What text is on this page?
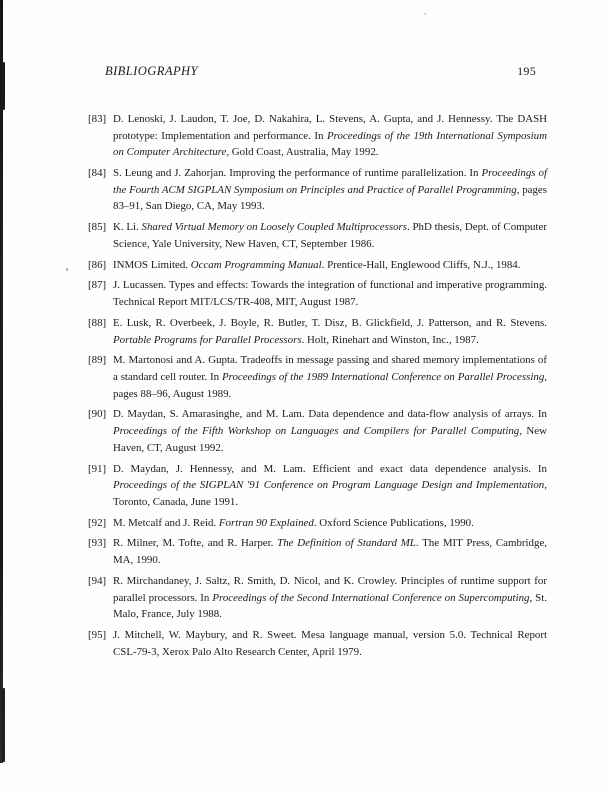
BIBLIOGRAPHY	195
[83] D. Lenoski, J. Laudon, T. Joe, D. Nakahira, L. Stevens, A. Gupta, and J. Hennessy. The DASH prototype: Implementation and performance. In Proceedings of the 19th International Symposium on Computer Architecture, Gold Coast, Australia, May 1992.
[84] S. Leung and J. Zahorjan. Improving the performance of runtime parallelization. In Proceedings of the Fourth ACM SIGPLAN Symposium on Principles and Practice of Parallel Programming, pages 83–91, San Diego, CA, May 1993.
[85] K. Li. Shared Virtual Memory on Loosely Coupled Multiprocessors. PhD thesis, Dept. of Computer Science, Yale University, New Haven, CT, September 1986.
[86] INMOS Limited. Occam Programming Manual. Prentice-Hall, Englewood Cliffs, N.J., 1984.
[87] J. Lucassen. Types and effects: Towards the integration of functional and imperative programming. Technical Report MIT/LCS/TR-408, MIT, August 1987.
[88] E. Lusk, R. Overbeek, J. Boyle, R. Butler, T. Disz, B. Glickfield, J. Patterson, and R. Stevens. Portable Programs for Parallel Processors. Holt, Rinehart and Winston, Inc., 1987.
[89] M. Martonosi and A. Gupta. Tradeoffs in message passing and shared memory implementations of a standard cell router. In Proceedings of the 1989 International Conference on Parallel Processing, pages 88–96, August 1989.
[90] D. Maydan, S. Amarasinghe, and M. Lam. Data dependence and data-flow analysis of arrays. In Proceedings of the Fifth Workshop on Languages and Compilers for Parallel Computing, New Haven, CT, August 1992.
[91] D. Maydan, J. Hennessy, and M. Lam. Efficient and exact data dependence analysis. In Proceedings of the SIGPLAN '91 Conference on Program Language Design and Implementation, Toronto, Canada, June 1991.
[92] M. Metcalf and J. Reid. Fortran 90 Explained. Oxford Science Publications, 1990.
[93] R. Milner, M. Tofte, and R. Harper. The Definition of Standard ML. The MIT Press, Cambridge, MA, 1990.
[94] R. Mirchandaney, J. Saltz, R. Smith, D. Nicol, and K. Crowley. Principles of runtime support for parallel processors. In Proceedings of the Second International Conference on Supercomputing, St. Malo, France, July 1988.
[95] J. Mitchell, W. Maybury, and R. Sweet. Mesa language manual, version 5.0. Technical Report CSL-79-3, Xerox Palo Alto Research Center, April 1979.
